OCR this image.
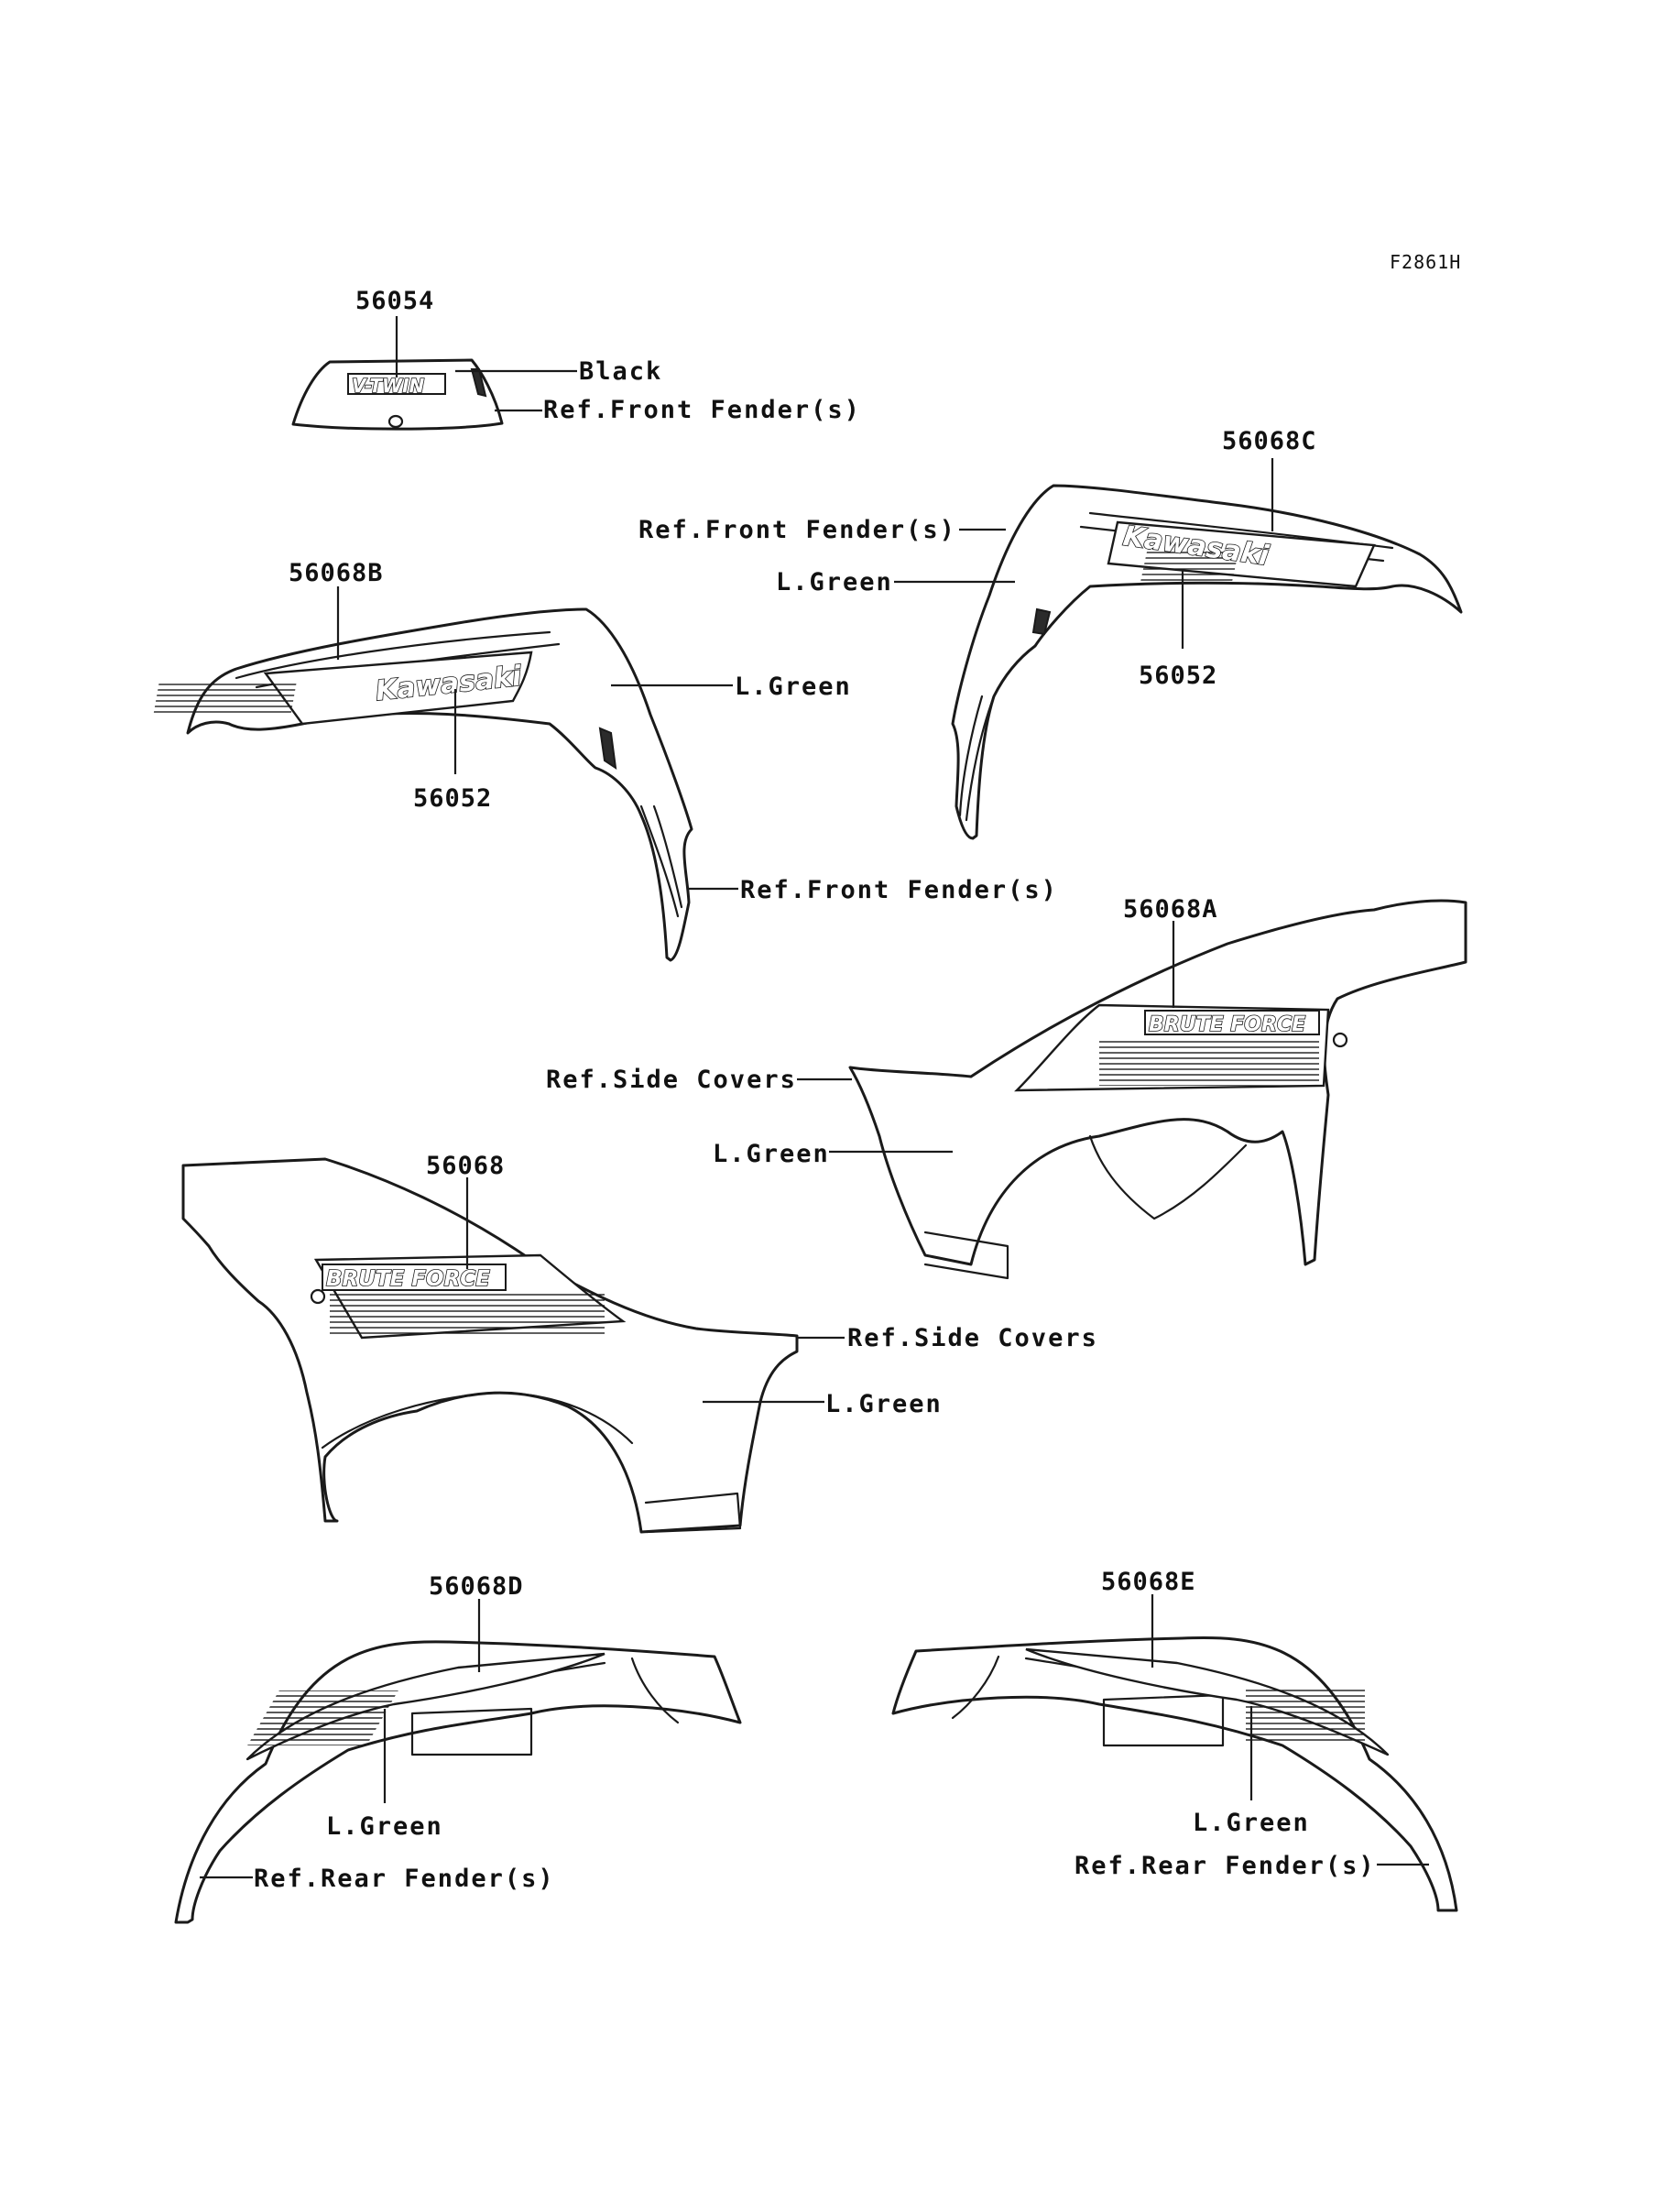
F2861H
V-TWIN
56054
Black
Ref.Front Fender(s)
Kawasaki
56068B
56052
L.Green
Ref.Front Fender(s)
Kawasaki
56068C
56052
L.Green
Ref.Front Fender(s)
BRUTE FORCE
56068A
Ref.Side Covers
L.Green
BRUTE FORCE
56068
Ref.Side Covers
L.Green
56068D
L.Green
Ref.Rear Fender(s)
56068E
L.Green
Ref.Rear Fender(s)
